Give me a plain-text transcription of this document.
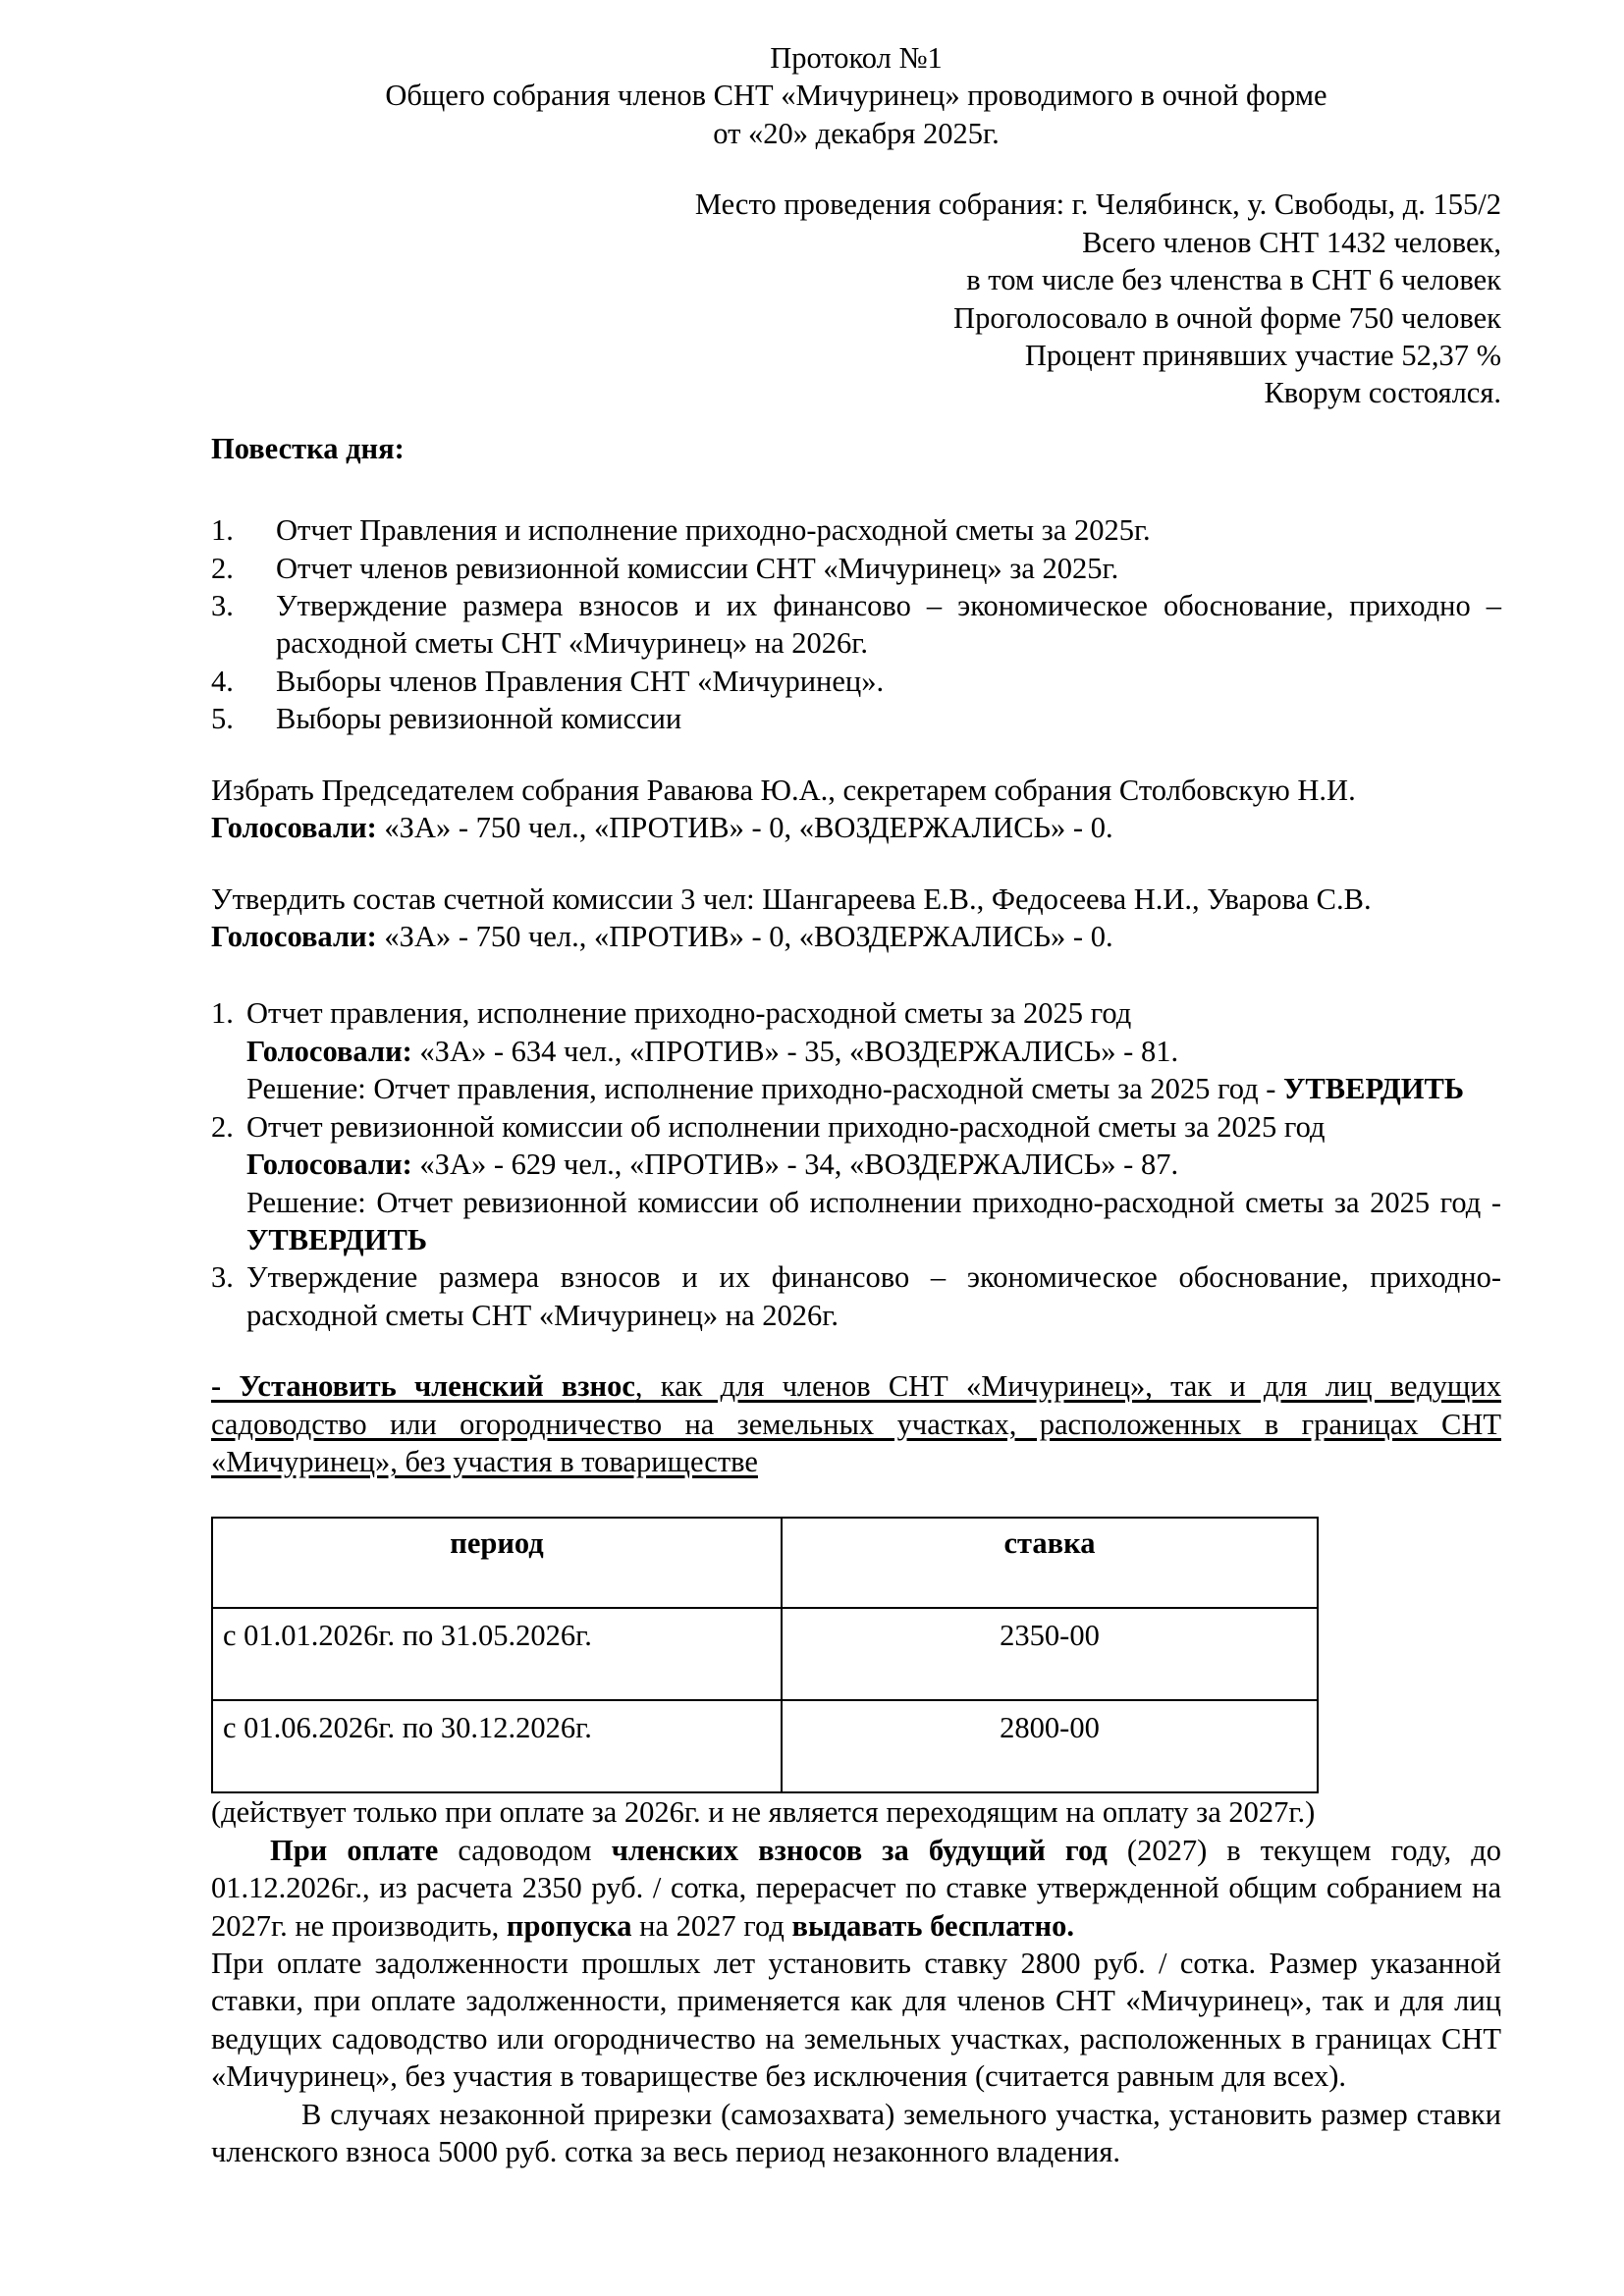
Протокол №1
Общего собрания членов СНТ «Мичуринец» проводимого в очной форме
от «20» декабря 2025г.
Место проведения собрания: г. Челябинск, у. Свободы, д. 155/2
Всего членов СНТ 1432 человек,
в том числе без членства в СНТ 6 человек
Проголосовало в очной форме 750 человек
Процент принявших участие 52,37 %
Кворум состоялся.
Повестка дня:
1.	Отчет Правления и исполнение приходно-расходной сметы за 2025г.
2.	Отчет членов ревизионной комиссии СНТ «Мичуринец» за 2025г.
3.	Утверждение размера взносов и их финансово – экономическое обоснование, приходно – расходной сметы СНТ «Мичуринец» на 2026г.
4.	Выборы членов Правления СНТ «Мичуринец».
5.	Выборы ревизионной комиссии
Избрать Председателем собрания Раваюва Ю.А., секретарем собрания Столбовскую Н.И.
Голосовали: «ЗА» - 750 чел., «ПРОТИВ» - 0, «ВОЗДЕРЖАЛИСЬ» - 0.
Утвердить состав счетной комиссии 3 чел: Шангареева Е.В., Федосеева Н.И., Уварова С.В.
Голосовали: «ЗА» - 750 чел., «ПРОТИВ» - 0, «ВОЗДЕРЖАЛИСЬ» - 0.
1. Отчет правления, исполнение приходно-расходной сметы за 2025 год
Голосовали: «ЗА» - 634 чел., «ПРОТИВ» - 35, «ВОЗДЕРЖАЛИСЬ» - 81.
Решение: Отчет правления, исполнение приходно-расходной сметы за 2025 год - УТВЕРДИТЬ
2. Отчет ревизионной комиссии об исполнении приходно-расходной сметы за 2025 год
Голосовали: «ЗА» - 629 чел., «ПРОТИВ» - 34, «ВОЗДЕРЖАЛИСЬ» - 87.
Решение: Отчет ревизионной комиссии об исполнении приходно-расходной сметы за 2025 год - УТВЕРДИТЬ
3. Утверждение размера взносов и их финансово – экономическое обоснование, приходно-расходной сметы СНТ «Мичуринец» на 2026г.
- Установить членский взнос, как для членов СНТ «Мичуринец», так и для лиц ведущих садоводство или огородничество на земельных участках, расположенных в границах СНТ «Мичуринец», без участия в товариществе
период	ставка
с 01.01.2026г. по 31.05.2026г.	2350-00
с 01.06.2026г. по 30.12.2026г.	2800-00
(действует только при оплате за 2026г. и не является переходящим на оплату за 2027г.)
При оплате садоводом членских взносов за будущий год (2027) в текущем году, до 01.12.2026г., из расчета 2350 руб. / сотка, перерасчет по ставке утвержденной общим собранием на 2027г. не производить, пропуска на 2027 год выдавать бесплатно.
При оплате задолженности прошлых лет установить ставку 2800 руб. / сотка. Размер указанной ставки, при оплате задолженности, применяется как для членов СНТ «Мичуринец», так и для лиц ведущих садоводство или огородничество на земельных участках, расположенных в границах СНТ «Мичуринец», без участия в товариществе без исключения (считается равным для всех).
В случаях незаконной прирезки (самозахвата) земельного участка, установить размер ставки членского взноса 5000 руб. сотка за весь период незаконного владения.
